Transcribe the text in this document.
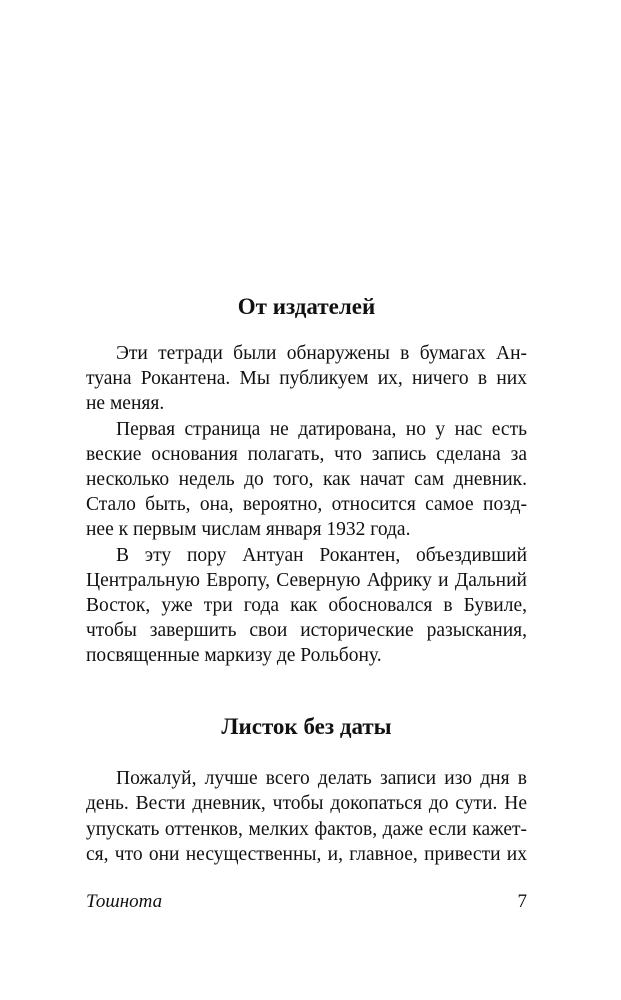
От издателей

Эти тетради были обнаружены в бумагах Ан-

туана Рокантена. Мы публикуем их, ничего в них

не меняя.

Первая страница не датирована, но у нас есть

веские основания полагать, что запись сделана за

несколько недель до того, как начат сам дневник.

Стало быть, она, вероятно, относится самое позд-

нее к первым числам января 1932 года.

В эту пору Антуан Рокантен, объездивший

Центральную Европу, Северную Африку и Дальний

Восток, уже три года как обосновался в Бувиле,

чтобы завершить свои исторические разыскания,

посвященные маркизу де Рольбону.

Листок без даты

Пожалуй, лучше всего делать записи изо дня в

день. Вести дневник, чтобы докопаться до сути. Не

упускать оттенков, мелких фактов, даже если кажет-

ся, что они несущественны, и, главное, привести их

Тошнота	7
